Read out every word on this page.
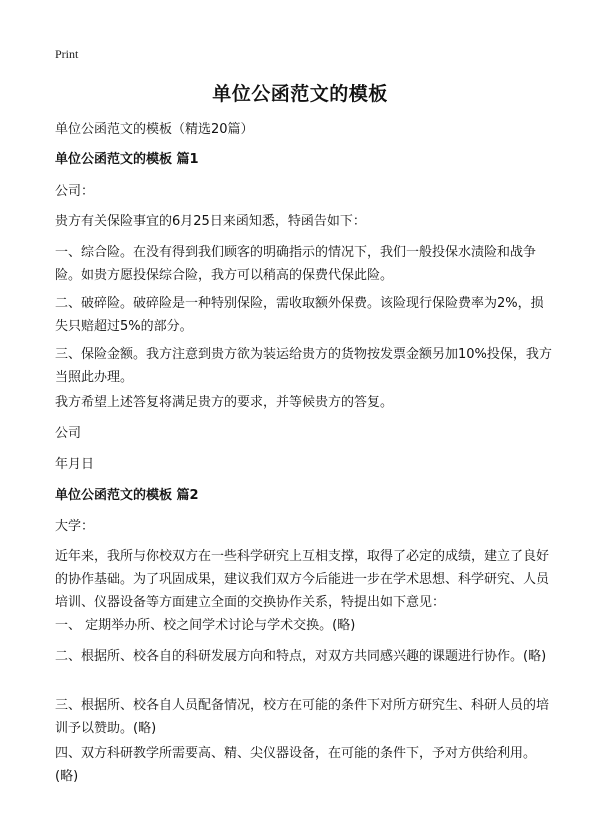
Print
单位公函范文的模板

单位公函范文的模板（精选20篇）

单位公函范文的模板 篇1

公司：

贵方有关保险事宜的6月25日来函知悉，特函告如下：

一、综合险。在没有得到我们顾客的明确指示的情况下，我们一般投保水渍险和战争险。如贵方愿投保综合险，我方可以稍高的保费代保此险。

二、破碎险。破碎险是一种特别保险，需收取额外保费。该险现行保险费率为2%，损失只赔超过5%的部分。

三、保险金额。我方注意到贵方欲为装运给贵方的货物按发票金额另加10%投保，我方当照此办理。

我方希望上述答复将满足贵方的要求，并等候贵方的答复。

公司

年月日

单位公函范文的模板 篇2

大学：

近年来，我所与你校双方在一些科学研究上互相支撑，取得了必定的成绩，建立了良好的协作基础。为了巩固成果，建议我们双方今后能进一步在学术思想、科学研究、人员培训、仪器设备等方面建立全面的交换协作关系，特提出如下意见：

一、 定期举办所、校之间学术讨论与学术交换。(略)

二、根据所、校各自的科研发展方向和特点，对双方共同感兴趣的课题进行协作。(略)

三、根据所、校各自人员配备情况，校方在可能的条件下对所方研究生、科研人员的培训予以赞助。(略)

四、双方科研教学所需要高、精、尖仪器设备，在可能的条件下，予对方供给利用。(略)
